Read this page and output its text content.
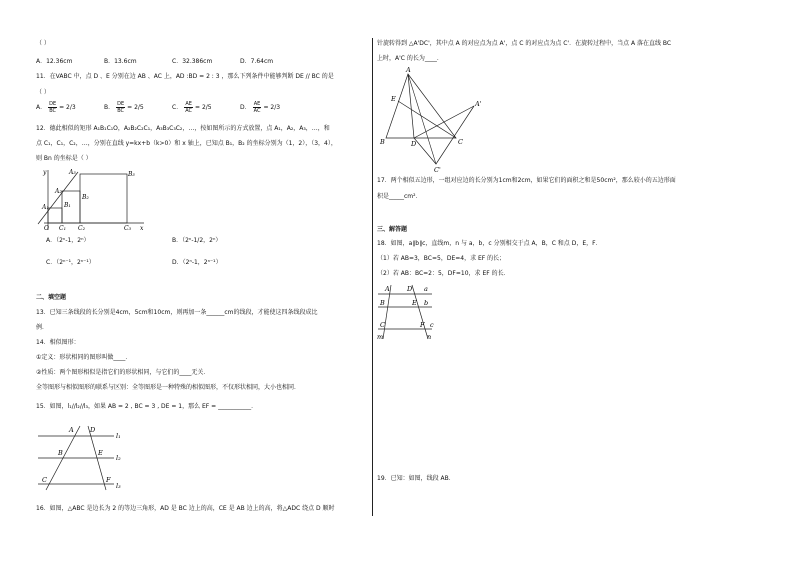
（ ）
A．12.36cm	B．13.6cm	C．32.386cm	D．7.64cm
11．在VABC 中，点 D 、E 分别在边 AB 、AC 上，AD :BD = 2 : 3 ，那么下列条件中能够判断 DE // BC 的是
（ ）
A． $\frac{DE}{BC} = 2/3$	B． $\frac{DE}{BC} = 2/5$	C． $\frac{AE}{AC} = 2/5$	D． $\frac{AE}{AC} = 2/3$
12．德此相似的矩形 A₁B₁C₁O，A₂B₂C₂C₁，A₃B₃C₃C₂，…，按如图所示的方式放置，点 A₁，A₂，A₃，…，和
点 C₁，C₁，C₂，…，分别在直线 y=kx+b（k>0）和 x 轴上，已知点 B₁，B₂ 的坐标分别为（1，2），（3，4），
则 Bn 的坐标是（ ）
y	A₃	B₃
A₂
B₂
A₁	B₁
O C₁ C₂	C₃ x
A．（2ⁿ-1，2ⁿ）	B．（2ⁿ-1/2，2ⁿ）
C．（2ⁿ⁻¹，2ⁿ⁻¹）	D．（2ⁿ-1，2ⁿ⁻¹）
二、填空题
13．已知三条线段的长分别是4cm，5cm和10cm，则再加一条______cm的线段，才能使这四条线段成比
例．
14．相似图形：
①定义：形状相同的图形叫做____．
②性质：两个图形相似是指它们的形状相同，与它们的____无关．
全等图形与相似图形的联系与区别：全等图形是一种特殊的相似图形，不仅形状相同，大小也相同．
15．如图，l₁//l₂//l₃，如果 AB = 2 , BC = 3 , DE = 1，那么 EF = ___________．
A	D
l₁
B	E
l₂
C	F
l₃
16．如图，△ABC 是边长为 2 的等边三角形，AD 是 BC 边上的高，CE 是 AB 边上的高，将△ADC 绕点 D 顺时
针旋转得到 △A'DC'，其中点 A 的对应点为点 A'，点 C 的对应点为点 C'．在旋转过程中，当点 A 落在直线 BC
上时，A'C 的长为____．
A
E
A'
B	D	C
C'
17．两个相似五边形，一组对应边的长分别为1cm和2cm，如果它们的面积之和是50cm²，那么较小的五边形面
积是_____cm²．
三、解答题
18．如图，a∥b∥c，直线m，n 与 a，b，c 分别相交于点 A，B，C 和点 D，E，F．
（1）若 AB=3，BC=5，DE=4，求 EF 的长；
（2）若 AB：BC=2：5，DF=10，求 EF 的长．
A	D a
B	E b
C	F c
m	n
19．已知：如图，线段 AB．
